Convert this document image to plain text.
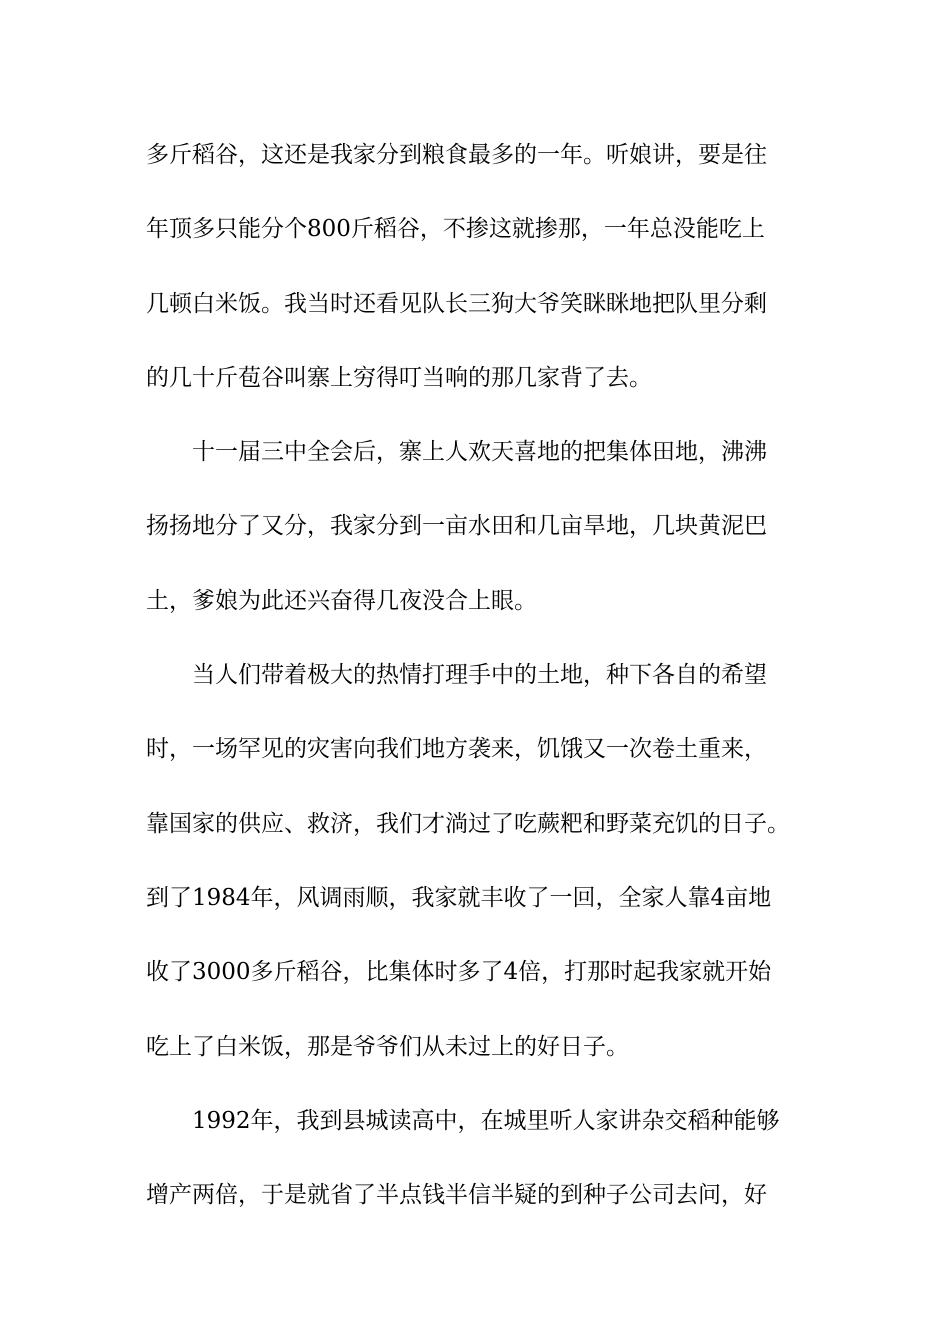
多斤稻谷，这还是我家分到粮食最多的一年。听娘讲，要是往
年顶多只能分个800斤稻谷，不掺这就掺那，一年总没能吃上
几顿白米饭。我当时还看见队长三狗大爷笑眯眯地把队里分剩
的几十斤苞谷叫寨上穷得叮当响的那几家背了去。
十一届三中全会后，寨上人欢天喜地的把集体田地，沸沸
扬扬地分了又分，我家分到一亩水田和几亩旱地，几块黄泥巴
土，爹娘为此还兴奋得几夜没合上眼。
当人们带着极大的热情打理手中的土地，种下各自的希望
时，一场罕见的灾害向我们地方袭来，饥饿又一次卷土重来，
靠国家的供应、救济，我们才淌过了吃蕨粑和野菜充饥的日子。
到了1984年，风调雨顺，我家就丰收了一回，全家人靠4亩地
收了3000多斤稻谷，比集体时多了4倍，打那时起我家就开始
吃上了白米饭，那是爷爷们从未过上的好日子。
1992年，我到县城读高中，在城里听人家讲杂交稻种能够
增产两倍，于是就省了半点钱半信半疑的到种子公司去问，好
